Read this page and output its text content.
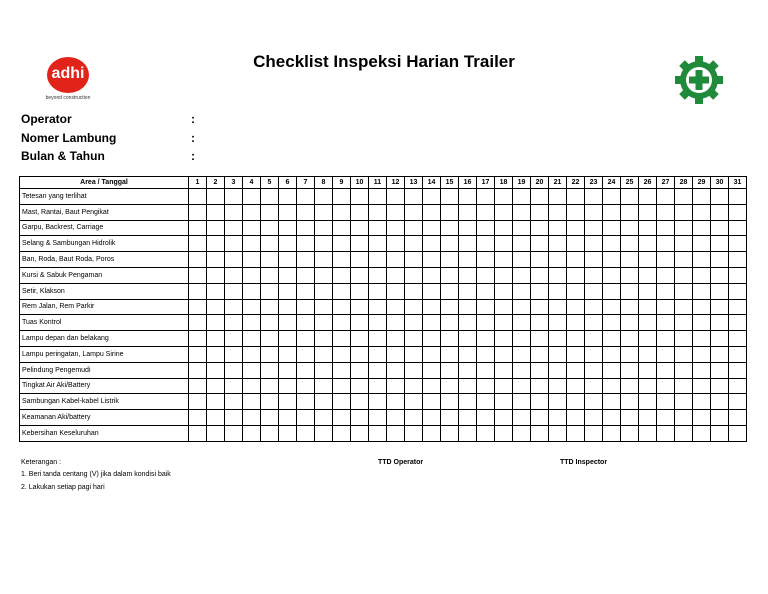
adhi
beyond construction
Checklist Inspeksi Harian Trailer
Operator	:
Nomer Lambung	:
Bulan & Tahun	:
Area / Tanggal	1	2	3	4	5	6	7	8	9	10	11	12	13	14	15	16	17	18	19	20	21	22	23	24	25	26	27	28	29	30	31
Tetesan yang terlihat																															
Mast, Rantai, Baut Pengikat																															
Garpu, Backrest, Carriage																															
Selang & Sambungan Hidrolik																															
Ban, Roda, Baut Roda, Poros																															
Kursi & Sabuk Pengaman																															
Setir, Klakson																															
Rem Jalan, Rem Parkir																															
Tuas Kontrol																															
Lampu depan dan belakang																															
Lampu peringatan, Lampu Sirine																															
Pelindung Pengemudi																															
Tingkat Air Aki/Battery																															
Sambungan Kabel-kabel Listrik																															
Keamanan Aki/battery																															
Kebersihan Keseluruhan																															
Keterangan :
1. Beri tanda centang (V) jika dalam kondisi baik
2. Lakukan setiap pagi hari
TTD Operator	TTD Inspector
